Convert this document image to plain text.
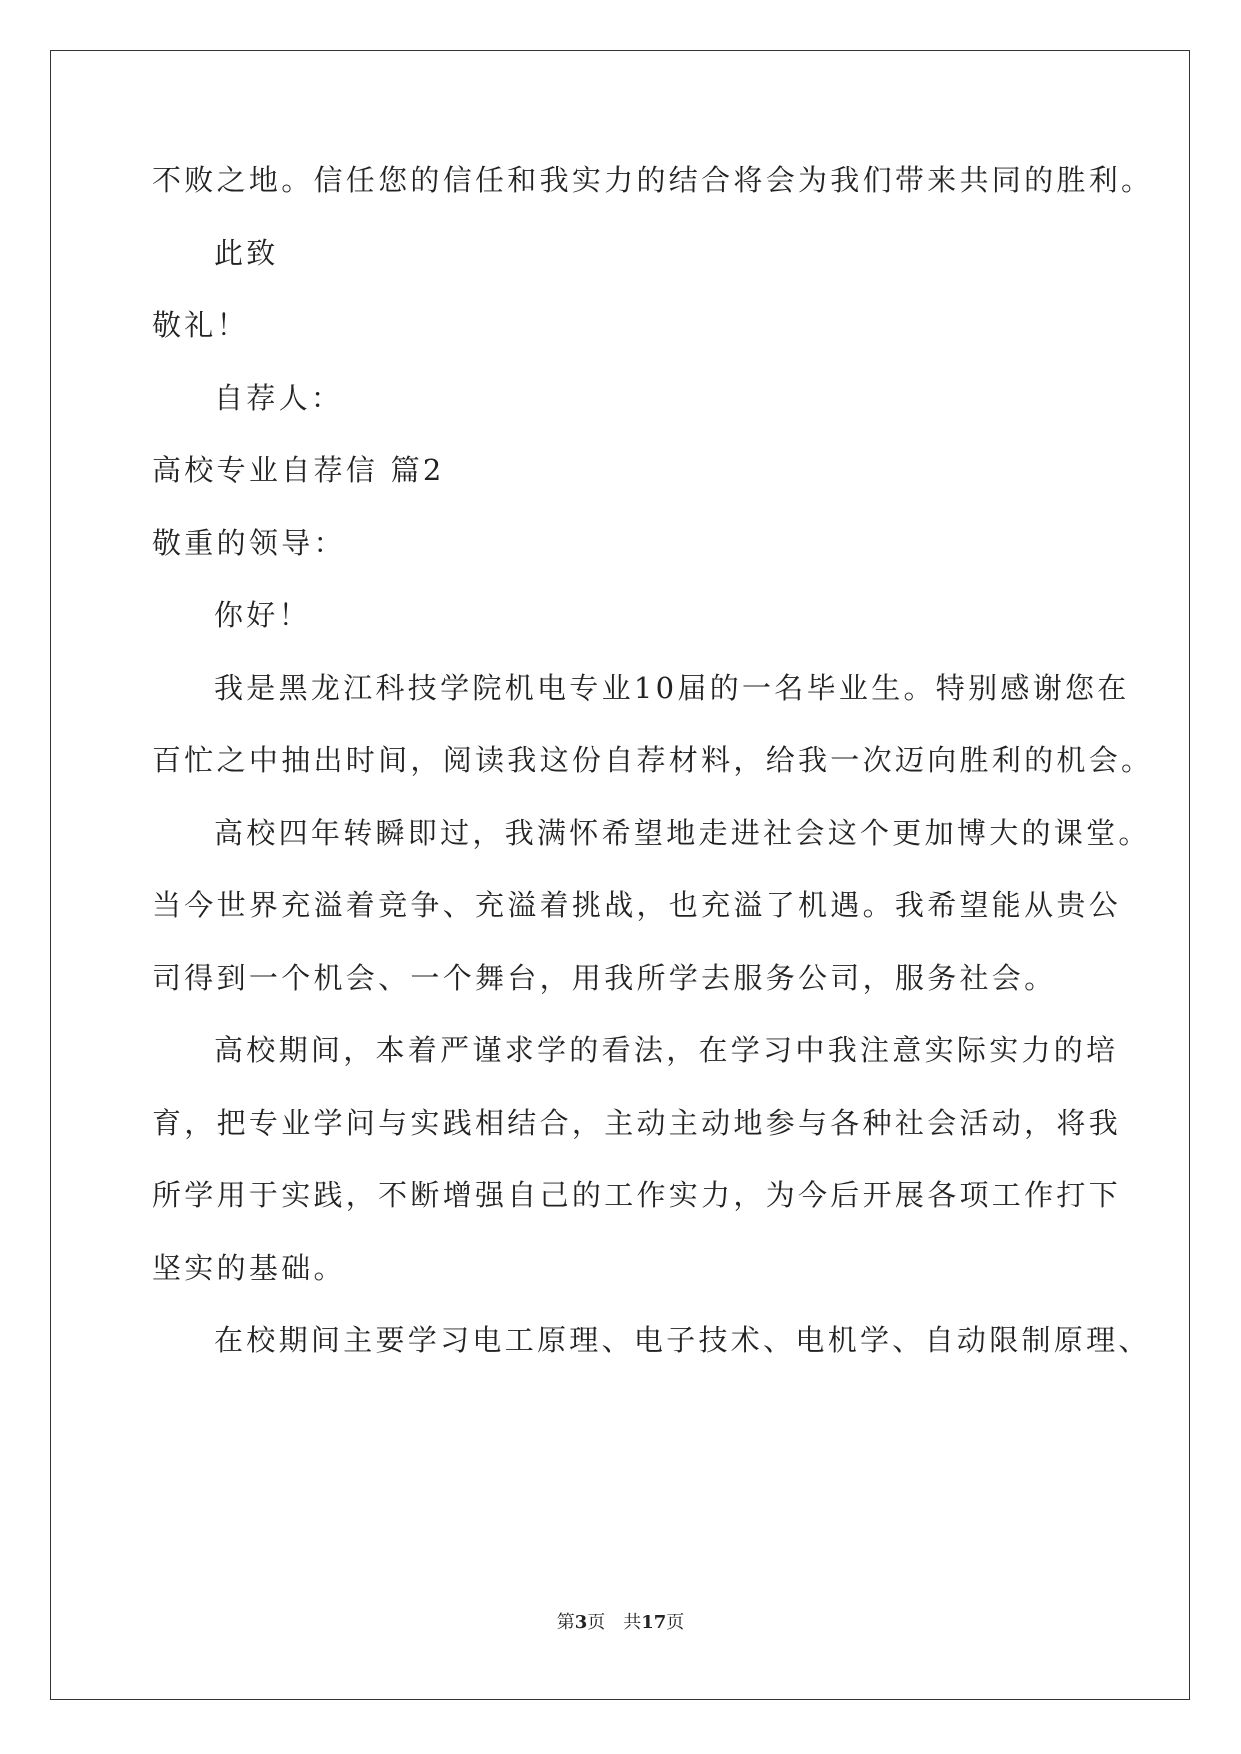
不败之地。信任您的信任和我实力的结合将会为我们带来共同的胜利。
此致
敬礼！
自荐人：
高校专业自荐信 篇2
敬重的领导：
你好！
我是黑龙江科技学院机电专业10届的一名毕业生。特别感谢您在
百忙之中抽出时间，阅读我这份自荐材料，给我一次迈向胜利的机会。
高校四年转瞬即过，我满怀希望地走进社会这个更加博大的课堂。
当今世界充溢着竞争、充溢着挑战，也充溢了机遇。我希望能从贵公
司得到一个机会、一个舞台，用我所学去服务公司，服务社会。
高校期间，本着严谨求学的看法，在学习中我注意实际实力的培
育，把专业学问与实践相结合，主动主动地参与各种社会活动，将我
所学用于实践，不断增强自己的工作实力，为今后开展各项工作打下
坚实的基础。
在校期间主要学习电工原理、电子技术、电机学、自动限制原理、
第3页　共17页
